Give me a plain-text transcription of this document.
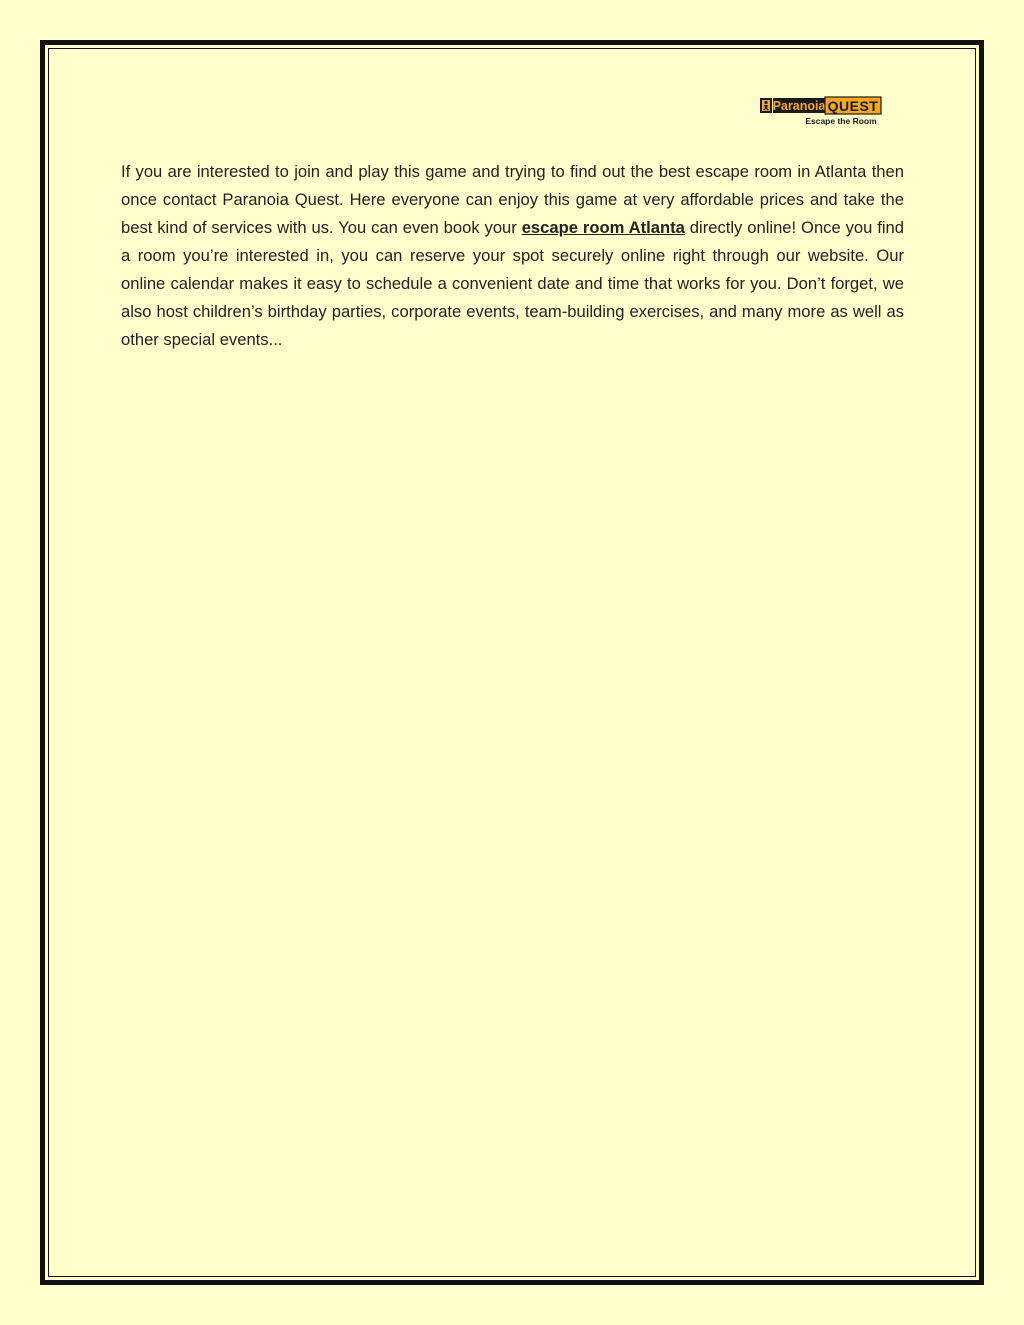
Paranoia QUEST
Escape the Room

If you are interested to join and play this game and trying to find out the best escape room in Atlanta then once contact Paranoia Quest. Here everyone can enjoy this game at very affordable prices and take the best kind of services with us. You can even book your escape room Atlanta directly online! Once you find a room you’re interested in, you can reserve your spot securely online right through our website. Our online calendar makes it easy to schedule a convenient date and time that works for you. Don’t forget, we also host children’s birthday parties, corporate events, team-building exercises, and many more as well as other special events...
